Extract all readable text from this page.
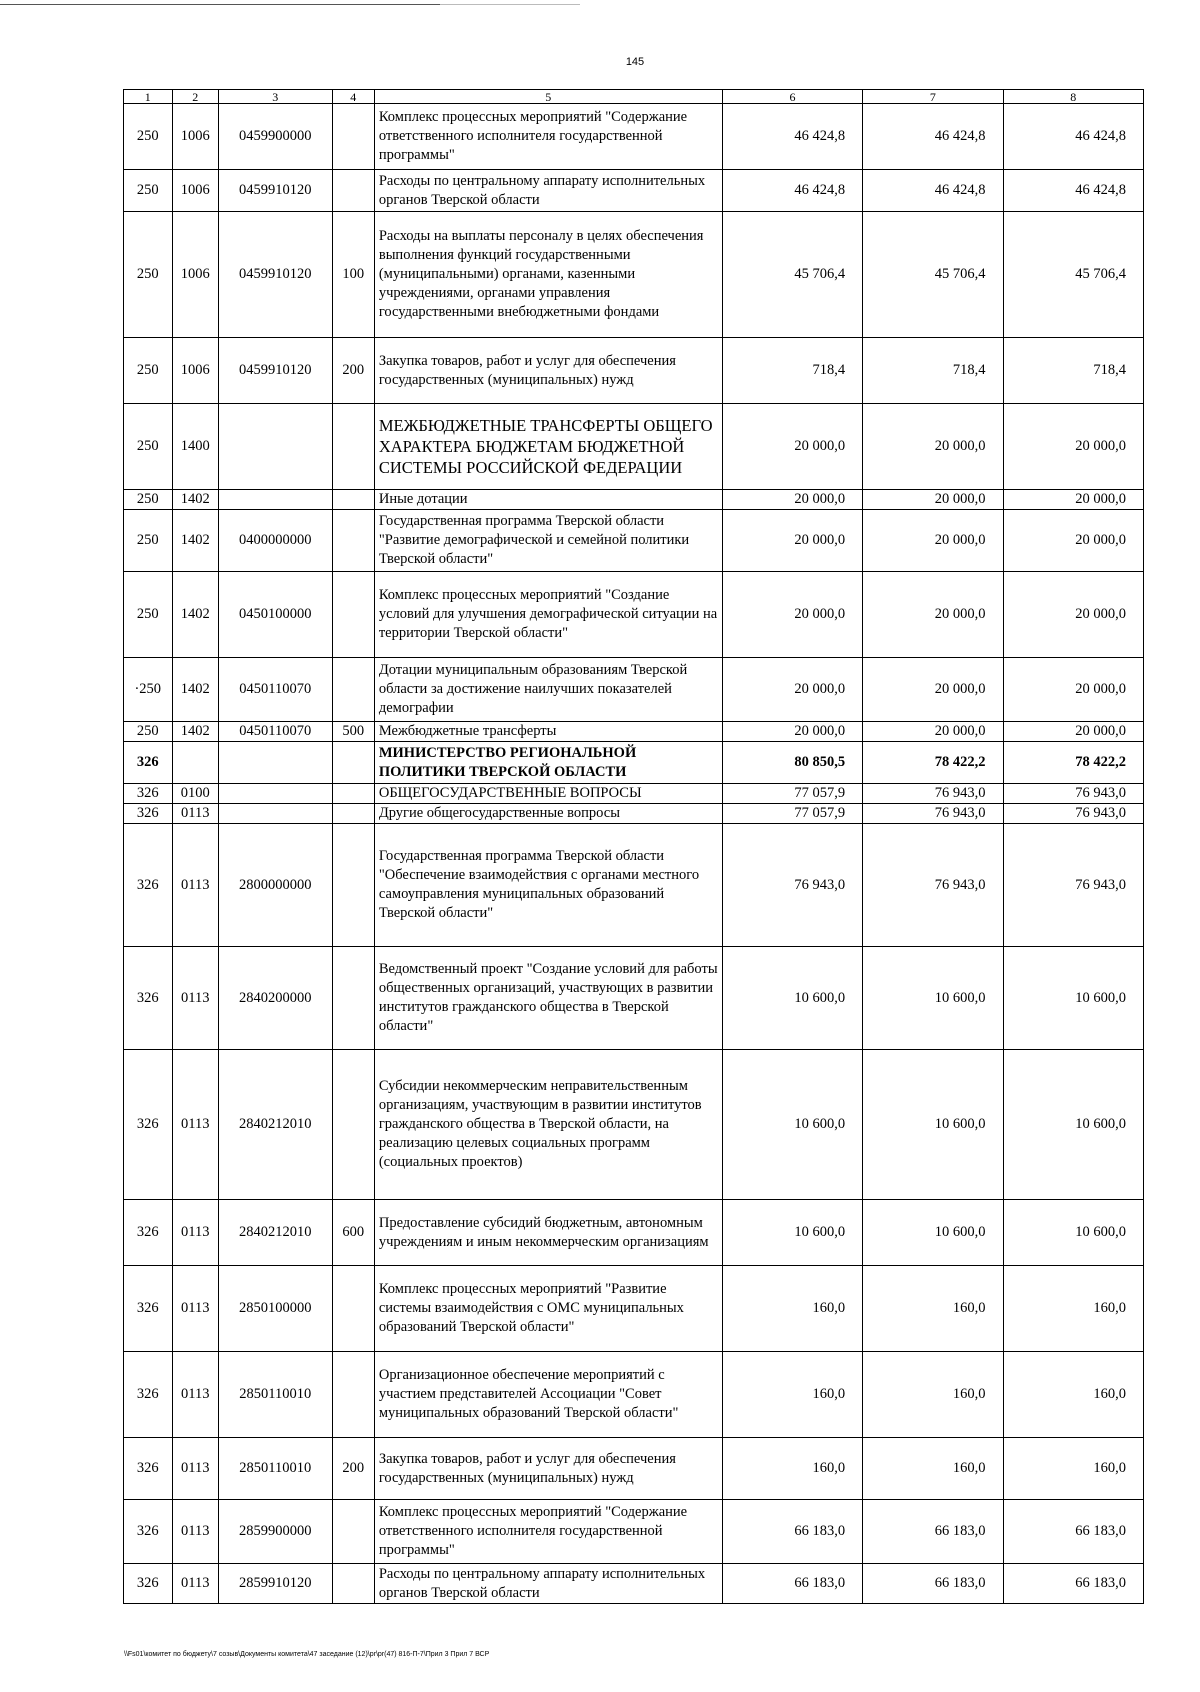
145
1	2	3	4	5	6	7	8
250	1006	0459900000		Комплекс процессных мероприятий "Содержание ответственного исполнителя государственной программы"	46 424,8	46 424,8	46 424,8
250	1006	0459910120		Расходы по центральному аппарату исполнительных органов Тверской области	46 424,8	46 424,8	46 424,8
250	1006	0459910120	100	Расходы на выплаты персоналу в целях обеспечения выполнения функций государственными (муниципальными) органами, казенными учреждениями, органами управления государственными внебюджетными фондами	45 706,4	45 706,4	45 706,4
250	1006	0459910120	200	Закупка товаров, работ и услуг для обеспечения государственных (муниципальных) нужд	718,4	718,4	718,4
250	1400			МЕЖБЮДЖЕТНЫЕ ТРАНСФЕРТЫ ОБЩЕГО ХАРАКТЕРА БЮДЖЕТАМ БЮДЖЕТНОЙ СИСТЕМЫ РОССИЙСКОЙ ФЕДЕРАЦИИ	20 000,0	20 000,0	20 000,0
250	1402			Иные дотации	20 000,0	20 000,0	20 000,0
250	1402	0400000000		Государственная программа Тверской области "Развитие демографической и семейной политики Тверской области"	20 000,0	20 000,0	20 000,0
250	1402	0450100000		Комплекс процессных мероприятий "Создание условий для улучшения демографической ситуации на территории Тверской области"	20 000,0	20 000,0	20 000,0
·250	1402	0450110070		Дотации муниципальным образованиям Тверской области за достижение наилучших показателей демографии	20 000,0	20 000,0	20 000,0
250	1402	0450110070	500	Межбюджетные трансферты	20 000,0	20 000,0	20 000,0
326				МИНИСТЕРСТВО РЕГИОНАЛЬНОЙ ПОЛИТИКИ ТВЕРСКОЙ ОБЛАСТИ	80 850,5	78 422,2	78 422,2
326	0100			ОБЩЕГОСУДАРСТВЕННЫЕ ВОПРОСЫ	77 057,9	76 943,0	76 943,0
326	0113			Другие общегосударственные вопросы	77 057,9	76 943,0	76 943,0
326	0113	2800000000		Государственная программа Тверской области "Обеспечение взаимодействия с органами местного самоуправления муниципальных образований Тверской области"	76 943,0	76 943,0	76 943,0
326	0113	2840200000		Ведомственный проект "Создание условий для работы общественных организаций, участвующих в развитии институтов гражданского общества в Тверской области"	10 600,0	10 600,0	10 600,0
326	0113	2840212010		Субсидии некоммерческим неправительственным организациям, участвующим в развитии институтов гражданского общества в Тверской области, на реализацию целевых социальных программ (социальных проектов)	10 600,0	10 600,0	10 600,0
326	0113	2840212010	600	Предоставление субсидий бюджетным, автономным учреждениям и иным некоммерческим организациям	10 600,0	10 600,0	10 600,0
326	0113	2850100000		Комплекс процессных мероприятий "Развитие системы взаимодействия с ОМС муниципальных образований Тверской области"	160,0	160,0	160,0
326	0113	2850110010		Организационное обеспечение мероприятий с участием представителей Ассоциации "Совет муниципальных образований Тверской области"	160,0	160,0	160,0
326	0113	2850110010	200	Закупка товаров, работ и услуг для обеспечения государственных (муниципальных) нужд	160,0	160,0	160,0
326	0113	2859900000		Комплекс процессных мероприятий "Содержание ответственного исполнителя государственной программы"	66 183,0	66 183,0	66 183,0
326	0113	2859910120		Расходы по центральному аппарату исполнительных органов Тверской области	66 183,0	66 183,0	66 183,0
\\Fs01\комитет по бюджету\7 созыв\Документы комитета\47 заседание (12)\pr\pr(47) 816-П-7\Прил 3 Прил 7 ВСР
